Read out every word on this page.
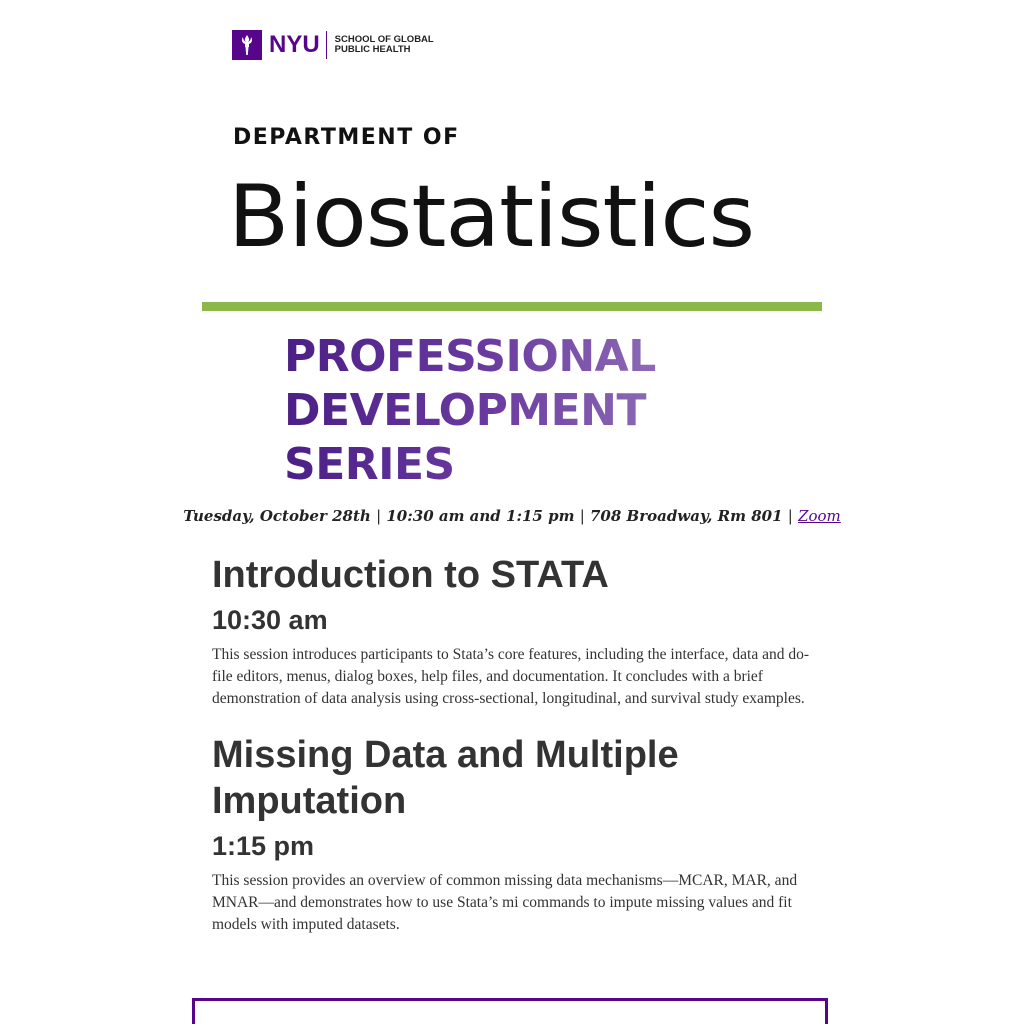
NYU SCHOOL OF GLOBAL
PUBLIC HEALTH
DEPARTMENT OF
Biostatistics
PROFESSIONAL
DEVELOPMENT
SERIES
Tuesday, October 28th | 10:30 am and 1:15 pm | 708 Broadway, Rm 801 | Zoom
Introduction to STATA
10:30 am

This session introduces participants to Stata’s core features, including the interface, data and do-file editors, menus, dialog boxes, help files, and documentation. It concludes with a brief demonstration of data analysis using cross-sectional, longitudinal, and survival study examples.

Missing Data and Multiple Imputation
1:15 pm

This session provides an overview of common missing data mechanisms—MCAR, MAR, and MNAR—and demonstrates how to use Stata’s mi commands to impute missing values and fit models with imputed datasets.
